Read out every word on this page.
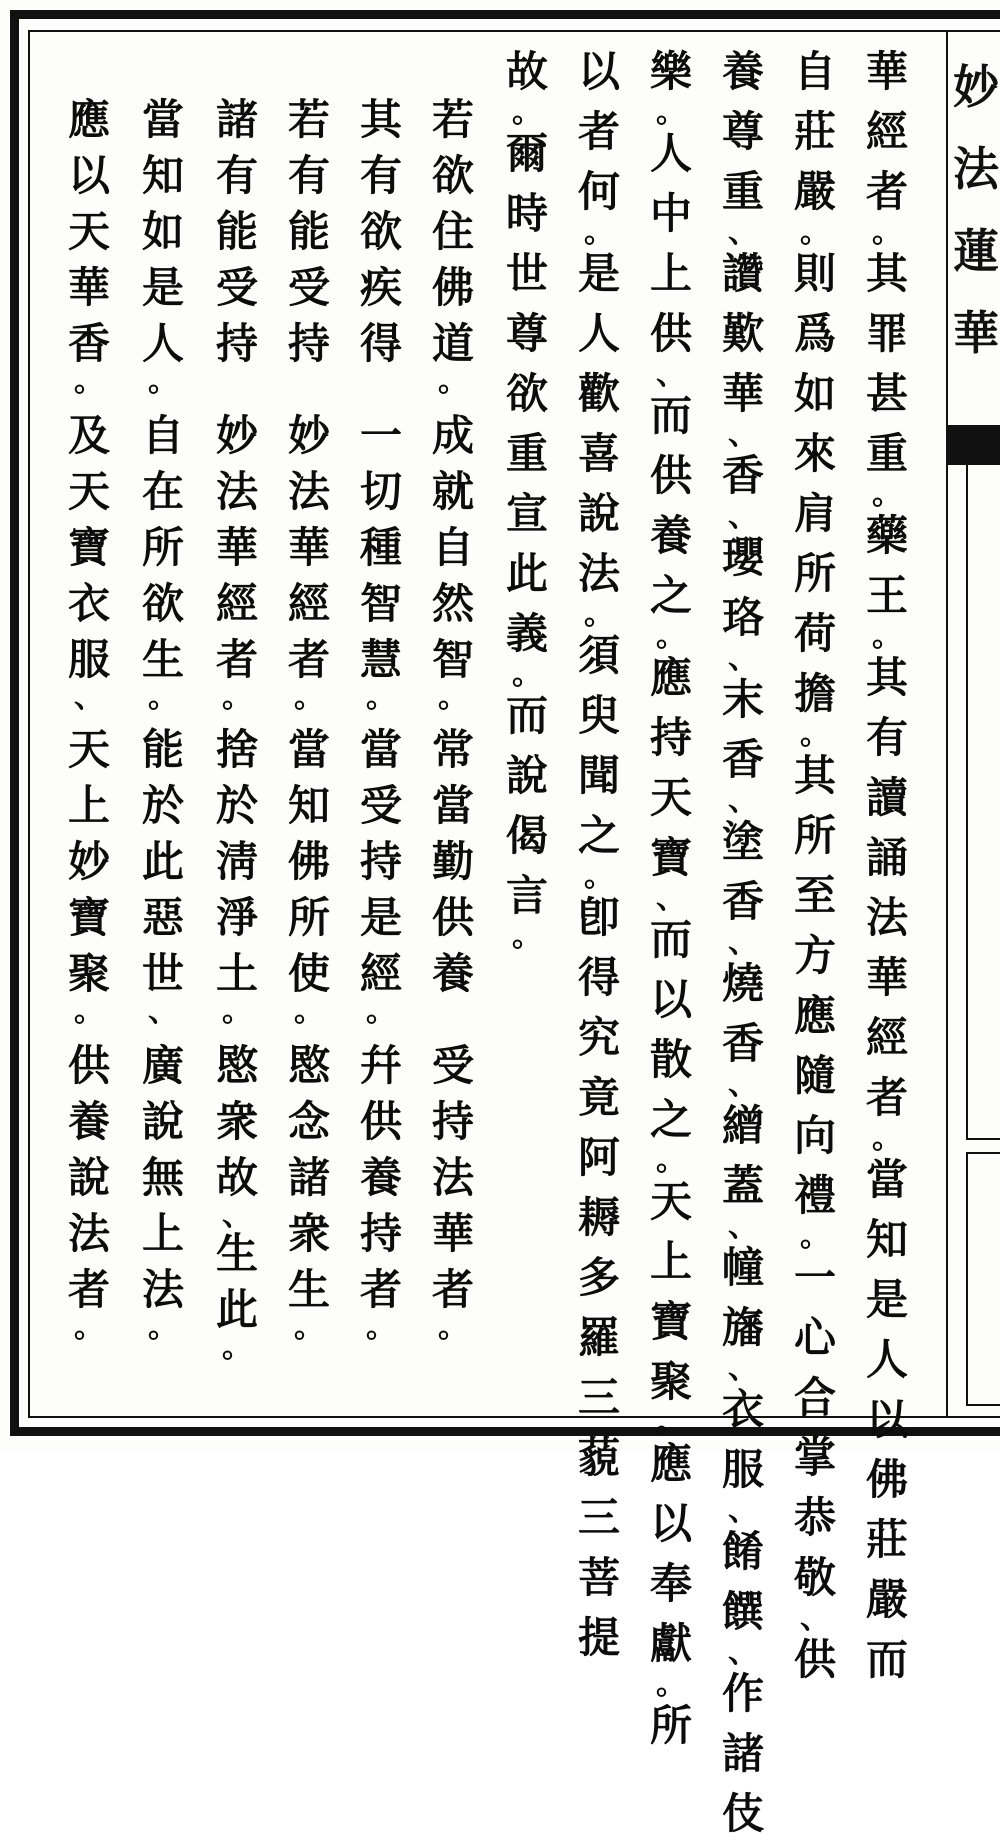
妙
法
蓮
華
華
經
者
。
其
罪
甚
重
。
藥
王
。
其
有
讀
誦
法
華
經
者
。
當
知
是
人
以
佛
莊
嚴
而
自
莊
嚴
。
則
爲
如
來
肩
所
荷
擔
。
其
所
至
方
應
隨
向
禮
。
一
心
合
掌
恭
敬
、
供
養
尊
重
、
讚
歎
華
、
香
、
瓔
珞
、
末
香
、
塗
香
、
燒
香
、
繒
蓋
、
幢
旛
、
衣
服
、
餚
饌
、
作
諸
伎
樂
。
人
中
上
供
、
而
供
養
之
。
應
持
天
寶
、
而
以
散
之
。
天
上
寶
聚
。
應
以
奉
獻
。
所
以
者
何
。
是
人
歡
喜
說
法
。
須
臾
聞
之
。
卽
得
究
竟
阿
耨
多
羅
三
藐
三
菩
提
故
。
爾
時
世
尊
欲
重
宣
此
義
。
而
說
偈
言
。
若
欲
住
佛
道
。
成
就
自
然
智
。
常
當
勤
供
養
受
持
法
華
者
。
其
有
欲
疾
得
一
切
種
智
慧
。
當
受
持
是
經
。
幷
供
養
持
者
。
若
有
能
受
持
妙
法
華
經
者
。
當
知
佛
所
使
。
愍
念
諸
衆
生
。
諸
有
能
受
持
妙
法
華
經
者
。
捨
於
淸
淨
土
。
愍
衆
故
、
生
此
。
當
知
如
是
人
。
自
在
所
欲
生
。
能
於
此
惡
世
、
廣
說
無
上
法
。
應
以
天
華
香
。
及
天
寶
衣
服
、
天
上
妙
寶
聚
。
供
養
說
法
者
。
